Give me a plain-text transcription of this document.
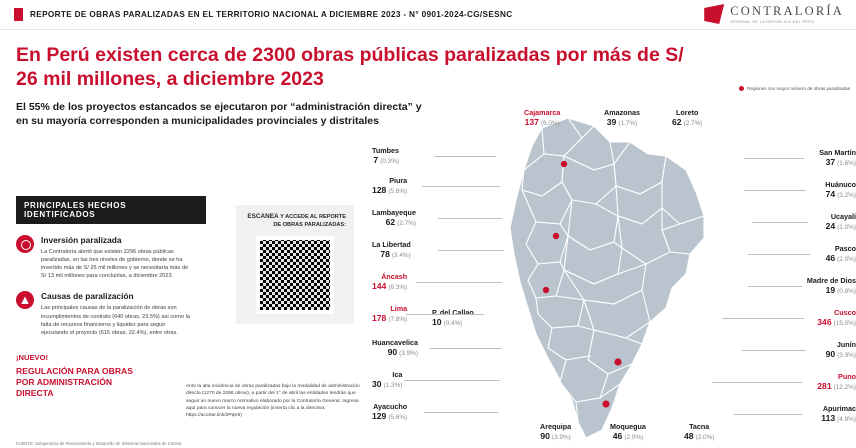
REPORTE DE OBRAS PARALIZADAS EN EL TERRITORIO NACIONAL A DICIEMBRE 2023 - N° 0901-2024-CG/SESNC	CONTRALORÍA
GENERAL DE LA REPÚBLICA DEL PERÚ
En Perú existen cerca de 2300 obras públicas paralizadas por más de S/ 26 mil millones, a diciembre 2023
El 55% de los proyectos estancados se ejecutaron por “administración directa” y en su mayoría corresponden a municipalidades provinciales y distritales
PRINCIPALES HECHOS IDENTIFICADOS
Inversión paralizada
La Contraloría alertó que existen 2296 obras públicas paralizadas, en las tres niveles de gobierno, donde se ha invertido más de S/ 26 mil millones y se necesitaría más de S/ 13 mil millones para concluirlas, a diciembre 2023.
Causas de paralización
Las principales causas de la paralización de obras son incumplimientos de contrato (640 obras, 23.5%) así como la falta de recursos financieros y liquidez para seguir ejecutando el proyecto (615 obras, 22.4%), entre otras.
¡NUEVO!
REGULACIÓN PARA OBRAS POR ADMINISTRACIÓN DIRECTA
ESCANEA Y ACCEDE AL REPORTE DE OBRAS PARALIZADAS:
Ante la alta incidencia de obras paralizadas bajo la modalidad de administración directa (1270 de 2296 obras), a partir del 1° de abril las entidades tendrán que seguir un nuevo marco normativo elaborado por la Contraloría General. Ingresa aquí para conocer la nueva regulación (inserta clic a la directiva: https://acortar.link/2PqK6)
FUENTE: Subgerencia de Planeamiento y Desarrollo de Sistemas Nacionales de Control.
Regiones con mayor número de obras paralizadas
Tumbes
7 (0.3%)
Piura
128 (5.6%)
Lambayeque
62 (2.7%)
La Libertad
78 (3.4%)
Áncash
144 (6.3%)
Lima
178 (7.8%)
P. del Callao
10 (0.4%)
Huancavelica
90 (3.9%)
Ica
30 (1.3%)
Ayacucho
129 (5.6%)
Cajamarca
137 (6.0%)
Amazonas
39 (1.7%)
Loreto
62 (2.7%)
San Martín
37 (1.6%)
Huánuco
74 (3.2%)
Ucayali
24 (1.0%)
Pasco
46 (2.0%)
Madre de Dios
19 (0.8%)
Cusco
346 (15.0%)
Junín
90 (3.9%)
Puno
281 (12.2%)
Apurímac
113 (4.9%)
Arequipa
90 (3.9%)
Moquegua
46 (2.0%)
Tacna
48 (2.0%)
